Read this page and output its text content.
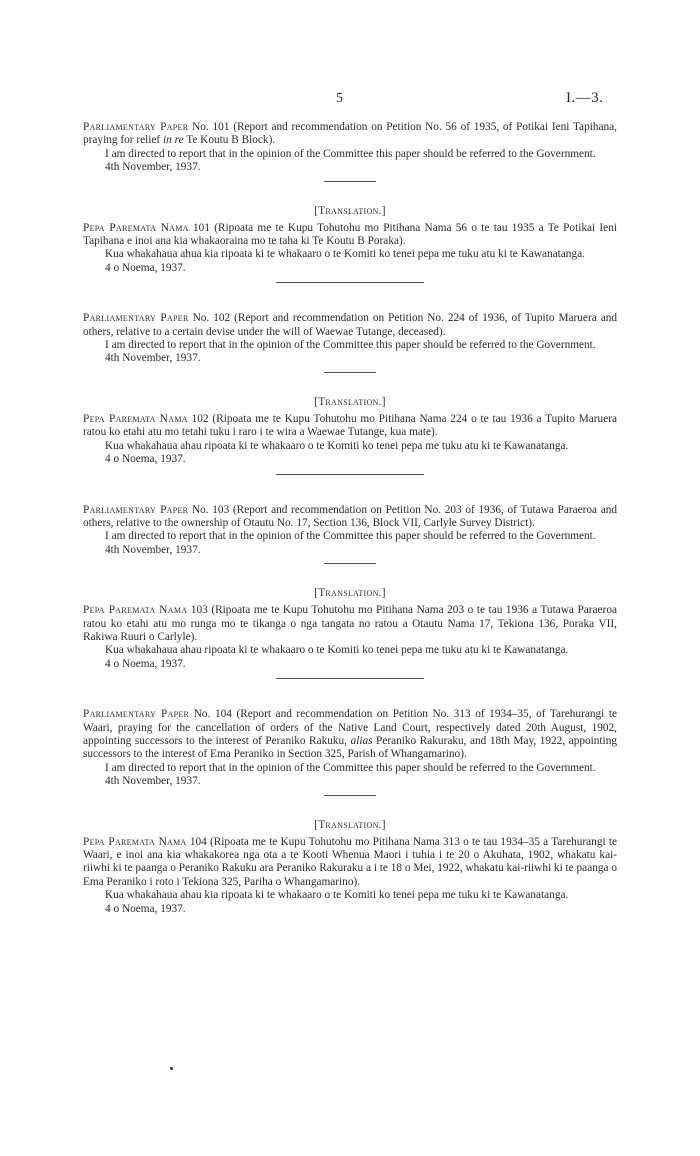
5	I.—3.

Parliamentary Paper No. 101 (Report and recommendation on Petition No. 56 of 1935, of Potikai Ieni Tapihana, praying for relief in re Te Koutu B Block).

I am directed to report that in the opinion of the Committee this paper should be referred to the Government.

4th November, 1937.

[Translation.]

Pepa Paremata Nama 101 (Ripoata me te Kupu Tohutohu mo Pitihana Nama 56 o te tau 1935 a Te Potikai Ieni Tapihana e inoi ana kia whakaoraina mo te taha ki Te Koutu B Poraka).

Kua whakahaua ahua kia ripoata ki te whakaaro o te Komiti ko tenei pepa me tuku atu ki te Kawanatanga.

4 o Noema, 1937.

Parliamentary Paper No. 102 (Report and recommendation on Petition No. 224 of 1936, of Tupito Maruera and others, relative to a certain devise under the will of Waewae Tutange, deceased).

I am directed to report that in the opinion of the Committee this paper should be referred to the Government.

4th November, 1937.

[Translation.]

Pepa Paremata Nama 102 (Ripoata me te Kupu Tohutohu mo Pitihana Nama 224 o te tau 1936 a Tupito Maruera ratou ko etahi atu mo tetahi tuku i raro i te wira a Waewae Tutange, kua mate).

Kua whakahaua ahau ripoata ki te whakaaro o te Komiti ko tenei pepa me tuku atu ki te Kawanatanga.

4 o Noema, 1937.

Parliamentary Paper No. 103 (Report and recommendation on Petition No. 203 of 1936, of Tutawa Paraeroa and others, relative to the ownership of Otautu No. 17, Section 136, Block VII, Carlyle Survey District).

I am directed to report that in the opinion of the Committee this paper should be referred to the Government.

4th November, 1937.

[Translation.]

Pepa Paremata Nama 103 (Ripoata me te Kupu Tohutohu mo Pitihana Nama 203 o te tau 1936 a Tutawa Paraeroa ratou ko etahi atu mo runga mo te tikanga o nga tangata no ratou a Otautu Nama 17, Tekiona 136, Poraka VII, Rakiwa Ruuri o Carlyle).

Kua whakahaua ahau ripoata ki te whakaaro o te Komiti ko tenei pepa me tuku atu ki te Kawanatanga.

4 o Noema, 1937.

Parliamentary Paper No. 104 (Report and recommendation on Petition No. 313 of 1934–35, of Tarehurangi te Waari, praying for the cancellation of orders of the Native Land Court, respectively dated 20th August, 1902, appointing successors to the interest of Peraniko Rakuku, alias Peraniko Rakuraku, and 18th May, 1922, appointing successors to the interest of Ema Peraniko in Section 325, Parish of Whangamarino).

I am directed to report that in the opinion of the Committee this paper should be referred to the Government.

4th November, 1937.

[Translation.]

Pepa Paremata Nama 104 (Ripoata me te Kupu Tohutohu mo Pitihana Nama 313 o te tau 1934–35 a Tarehurangi te Waari, e inoi ana kia whakakorea nga ota a te Kooti Whenua Maori i tuhia i te 20 o Akuhata, 1902, whakatu kai-riiwhi ki te paanga o Peraniko Rakuku ara Peraniko Rakuraku a i te 18 o Mei, 1922, whakatu kai-riiwhi ki te paanga o Ema Peraniko i roto i Tekiona 325, Pariha o Whangamarino).

Kua whakahaua ahau kia ripoata ki te whakaaro o te Komiti ko tenei pepa me tuku ki te Kawanatanga.

4 o Noema, 1937.
